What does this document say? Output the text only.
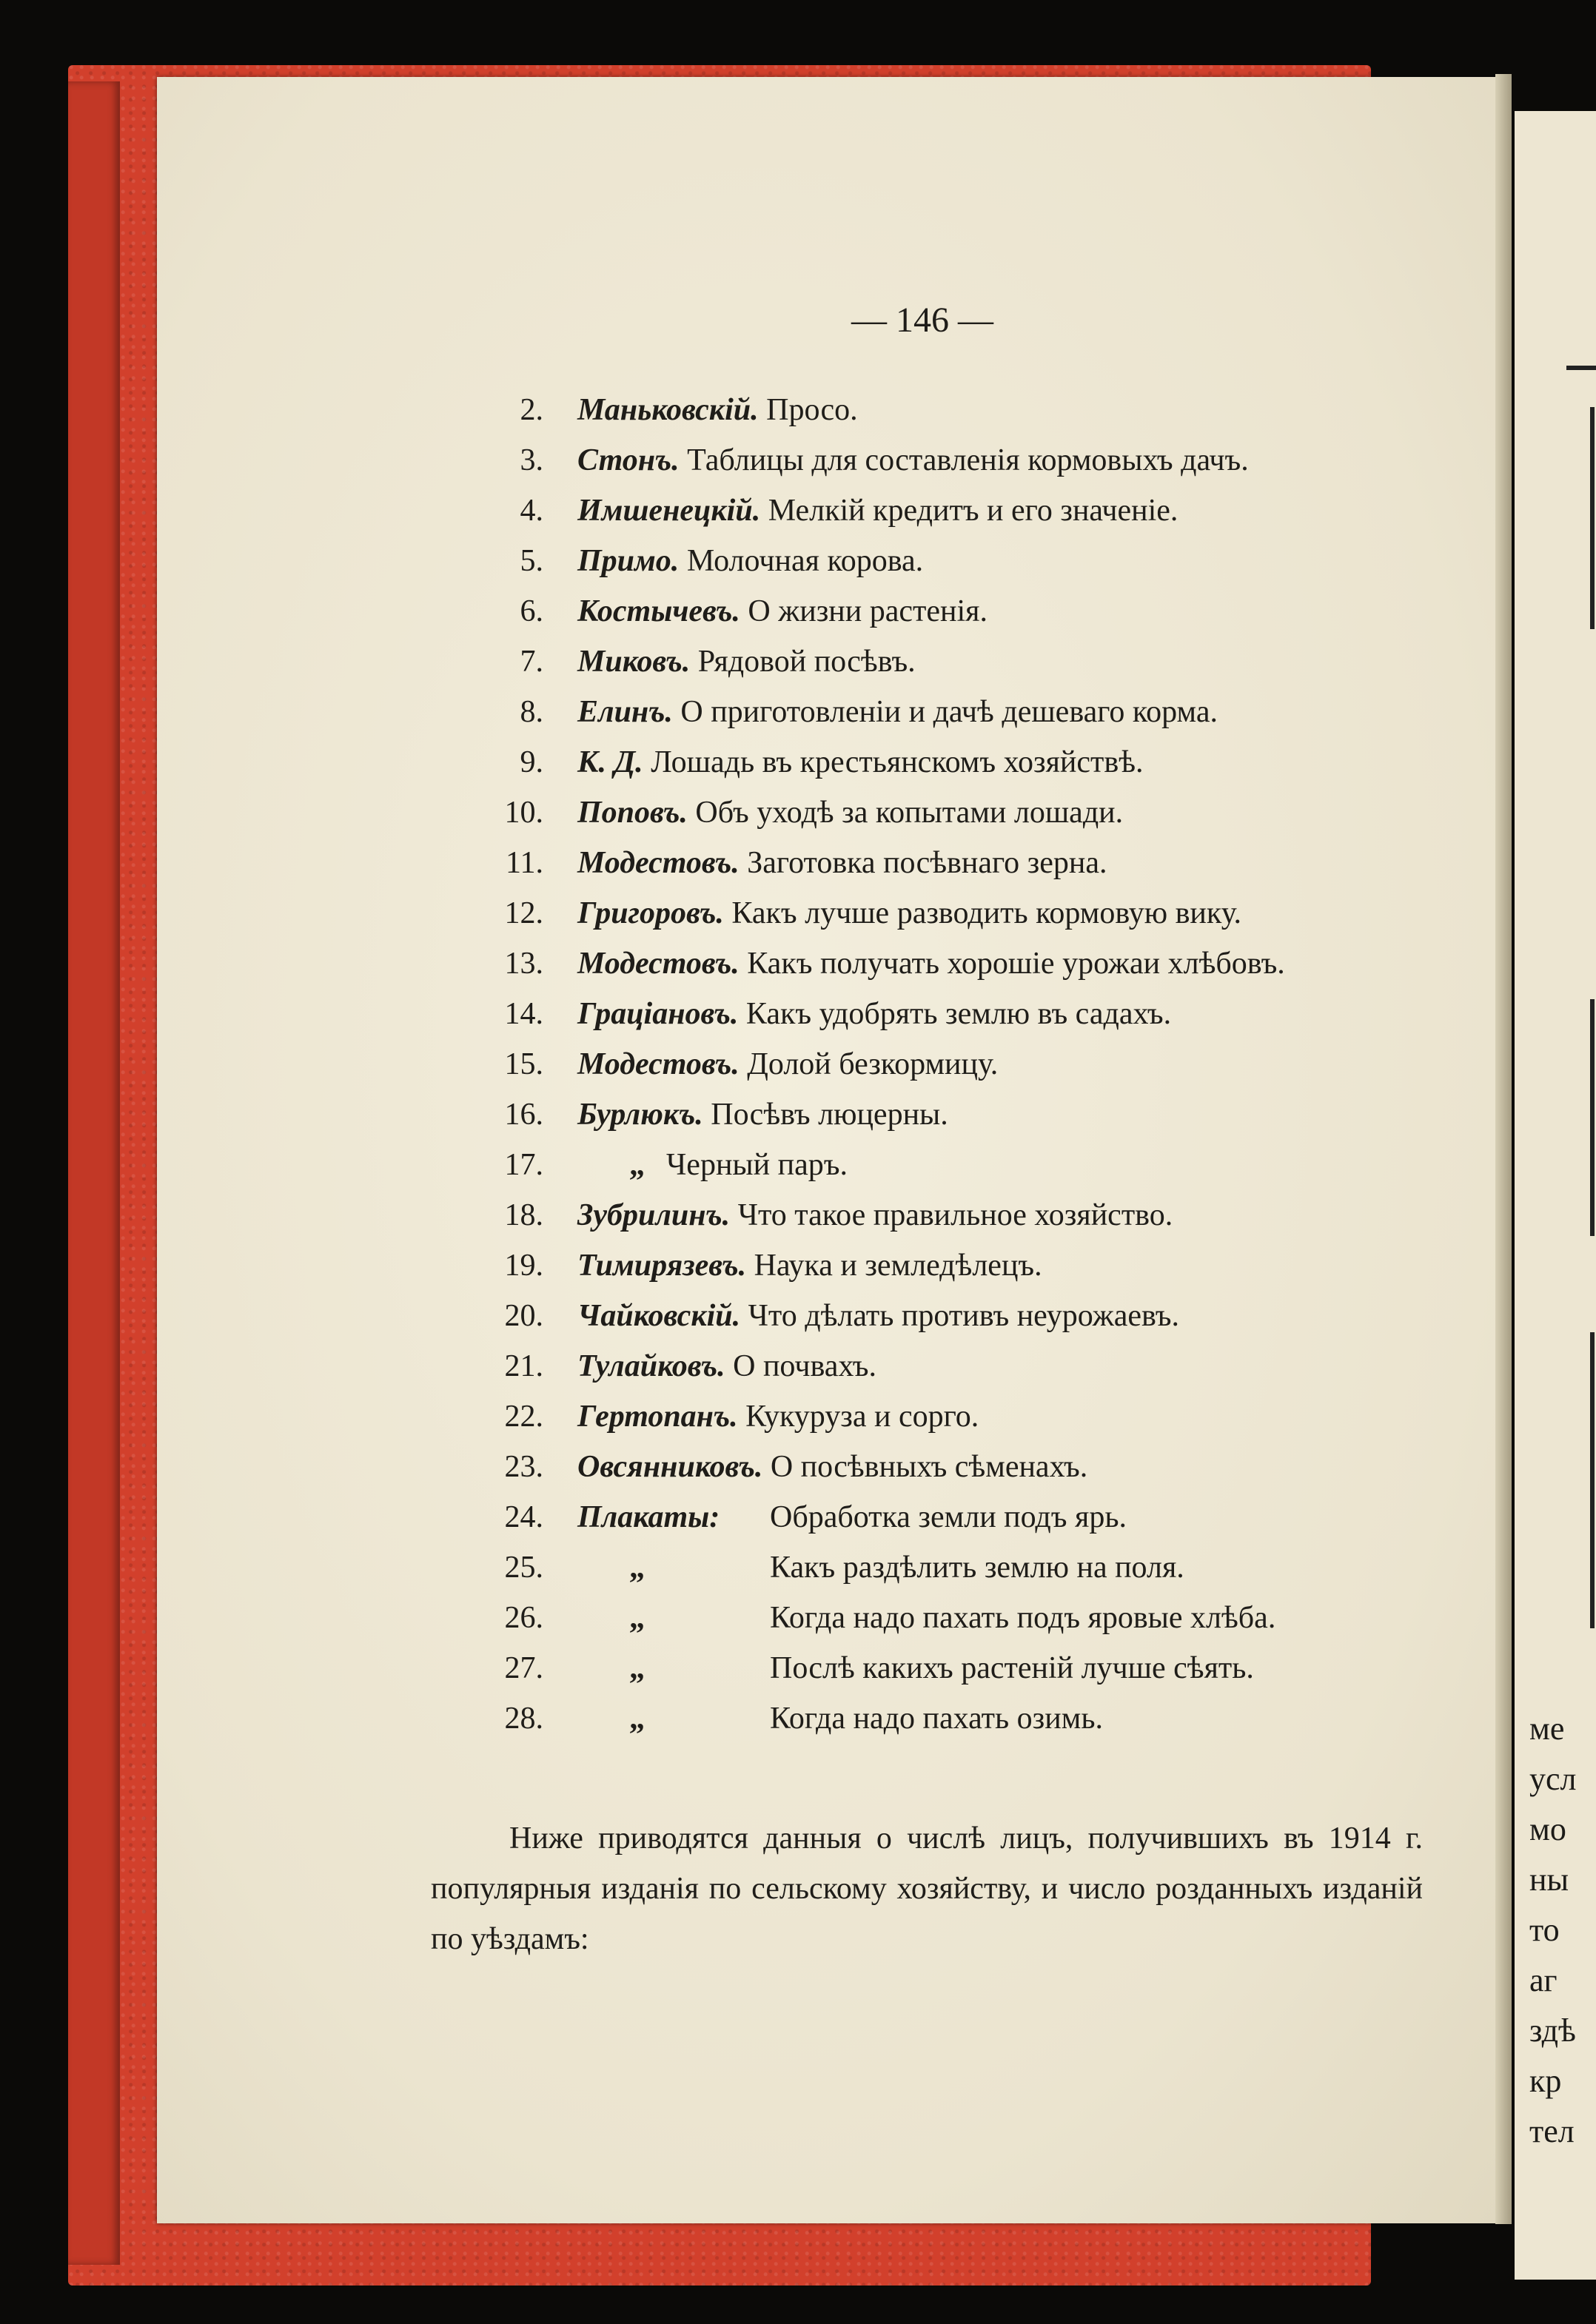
— 146 —
2. Маньковскій. Просо.
3. Стонъ. Таблицы для составленія кормовыхъ дачъ.
4. Имшенецкій. Мелкій кредитъ и его значеніе.
5. Примо. Молочная корова.
6. Костычевъ. О жизни растенія.
7. Миковъ. Рядовой посѣвъ.
8. Елинъ. О приготовленіи и дачѣ дешеваго корма.
9. К. Д. Лошадь въ крестьянскомъ хозяйствѣ.
10. Поповъ. Объ уходѣ за копытами лошади.
11. Модестовъ. Заготовка посѣвнаго зерна.
12. Григоровъ. Какъ лучше разводить кормовую вику.
13. Модестовъ. Какъ получать хорошіе урожаи хлѣбовъ.
14. Граціановъ. Какъ удобрять землю въ садахъ.
15. Модестовъ. Долой безкормицу.
16. Бурлюкъ. Посѣвъ люцерны.
17.	„ Черный паръ.
18. Зубрилинъ. Что такое правильное хозяйство.
19. Тимирязевъ. Наука и земледѣлецъ.
20. Чайковскій. Что дѣлать противъ неурожаевъ.
21. Тулайковъ. О почвахъ.
22. Гертопанъ. Кукуруза и сорго.
23. Овсянниковъ. О посѣвныхъ сѣменахъ.
24. Плакаты: Обработка земли подъ ярь.
25.	„	Какъ раздѣлить землю на поля.
26.	„	Когда надо пахать подъ яровые хлѣба.
27.	„	Послѣ какихъ растеній лучше сѣять.
28.	„	Когда надо пахать озимь.

Ниже приводятся данныя о числѣ лицъ, получившихъ въ 1914 г. популярныя изданія по сельскому хозяйству, и число розданныхъ изданій по уѣздамъ:

ме
усл
мо
ны
то
аг
здѣ
кр
тел
